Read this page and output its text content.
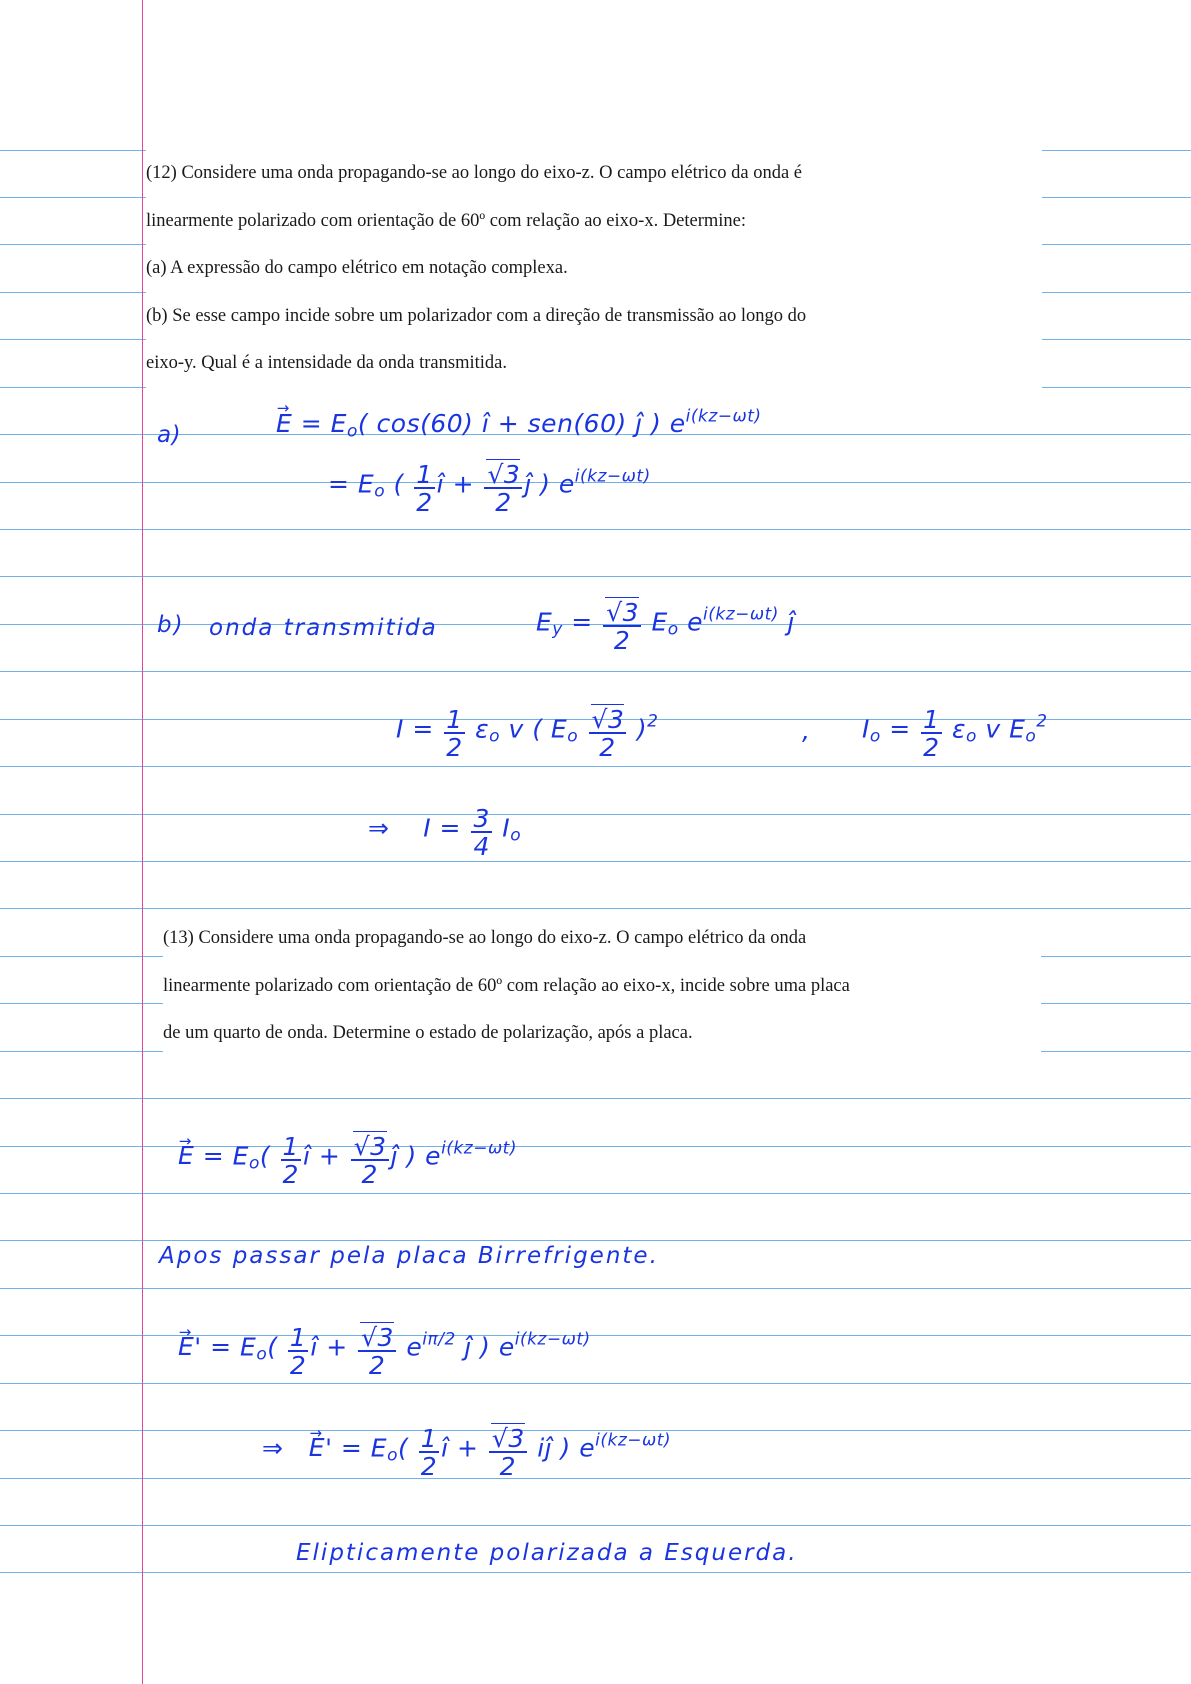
(12) Considere uma onda propagando-se ao longo do eixo-z. O campo elétrico da onda é

linearmente polarizado com orientação de 60º com relação ao eixo-x. Determine:

(a) A expressão do campo elétrico em notação complexa.

(b) Se esse campo incide sobre um polarizador com a direção de transmissão ao longo do

eixo-y. Qual é a intensidade da onda transmitida.

a)
→	$E = E_o$( cos(60) î + sen(60) ĵ ) $e^{i(kz-\omega t)}$
= $E_o$ ( $\frac{1}{2}$ î + $\frac{√3}{2}$ ĵ ) $e^{i(kz-\omega t)}$
b) onda transmitida	$E_y = \frac{√3}{2} E_o$ $e^{i(kz-\omega t)}$ ĵ
$I = \frac{1}{2} \varepsilon_o$ v ( $E_o \frac{√3}{2} )^2$	, $I_o = \frac{1}{2} \varepsilon_o$ v $E_o^2$
⇒    $I = \frac{3}{4} I_o$

(13) Considere uma onda propagando-se ao longo do eixo-z. O campo elétrico da onda

linearmente polarizado com orientação de 60º com relação ao eixo-x, incide sobre uma placa

de um quarto de onda. Determine o estado de polarização, após a placa.

→ $E = E_o( \frac{1}{2}$ î + $\frac{√3}{2}$ ĵ ) $e^{i(kz-\omega t)}$
Apos passar pela placa Birrefrigente.
→ $E' = E_o( \frac{1}{2}$ î + $\frac{√3}{2} e^{i\pi/2}$ ĵ ) $e^{i(kz-\omega t)}$
⇒   → $E' = E_o( \frac{1}{2}$ î + $\frac{√3}{2}$ iĵ ) $e^{i(kz-\omega t)}$
Elipticamente polarizada a Esquerda.
